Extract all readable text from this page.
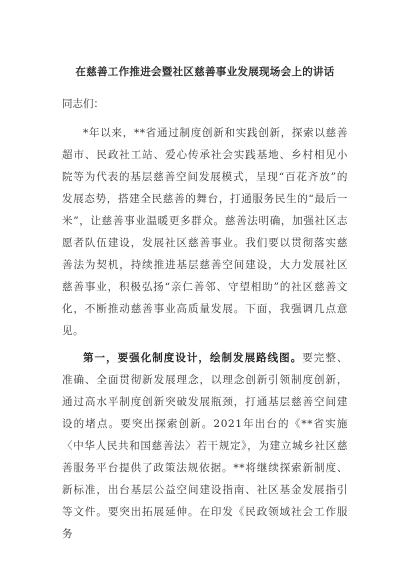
在慈善工作推进会暨社区慈善事业发展现场会上的讲话
同志们：

*年以来，**省通过制度创新和实践创新，探索以慈善超市、民政社工站、爱心传承社会实践基地、乡村相见小院等为代表的基层慈善空间发展模式，呈现“百花齐放”的发展态势，搭建全民慈善的舞台，打通服务民生的“最后一米”，让慈善事业温暖更多群众。慈善法明确，加强社区志愿者队伍建设，发展社区慈善事业。我们要以贯彻落实慈善法为契机，持续推进基层慈善空间建设，大力发展社区慈善事业，积极弘扬“亲仁善邻、守望相助”的社区慈善文化，不断推动慈善事业高质量发展。下面，我强调几点意见。

第一，要强化制度设计，绘制发展路线图。要完整、准确、全面贯彻新发展理念，以理念创新引领制度创新，通过高水平制度创新突破发展瓶颈，打通基层慈善空间建设的堵点。要突出探索创新。2021年出台的《**省实施〈中华人民共和国慈善法〉若干规定》，为建立城乡社区慈善服务平台提供了政策法规依据。**将继续探索新制度、新标准，出台基层公益空间建设指南、社区基金发展指引等文件。要突出拓展延伸。在印发《民政领域社会工作服务
